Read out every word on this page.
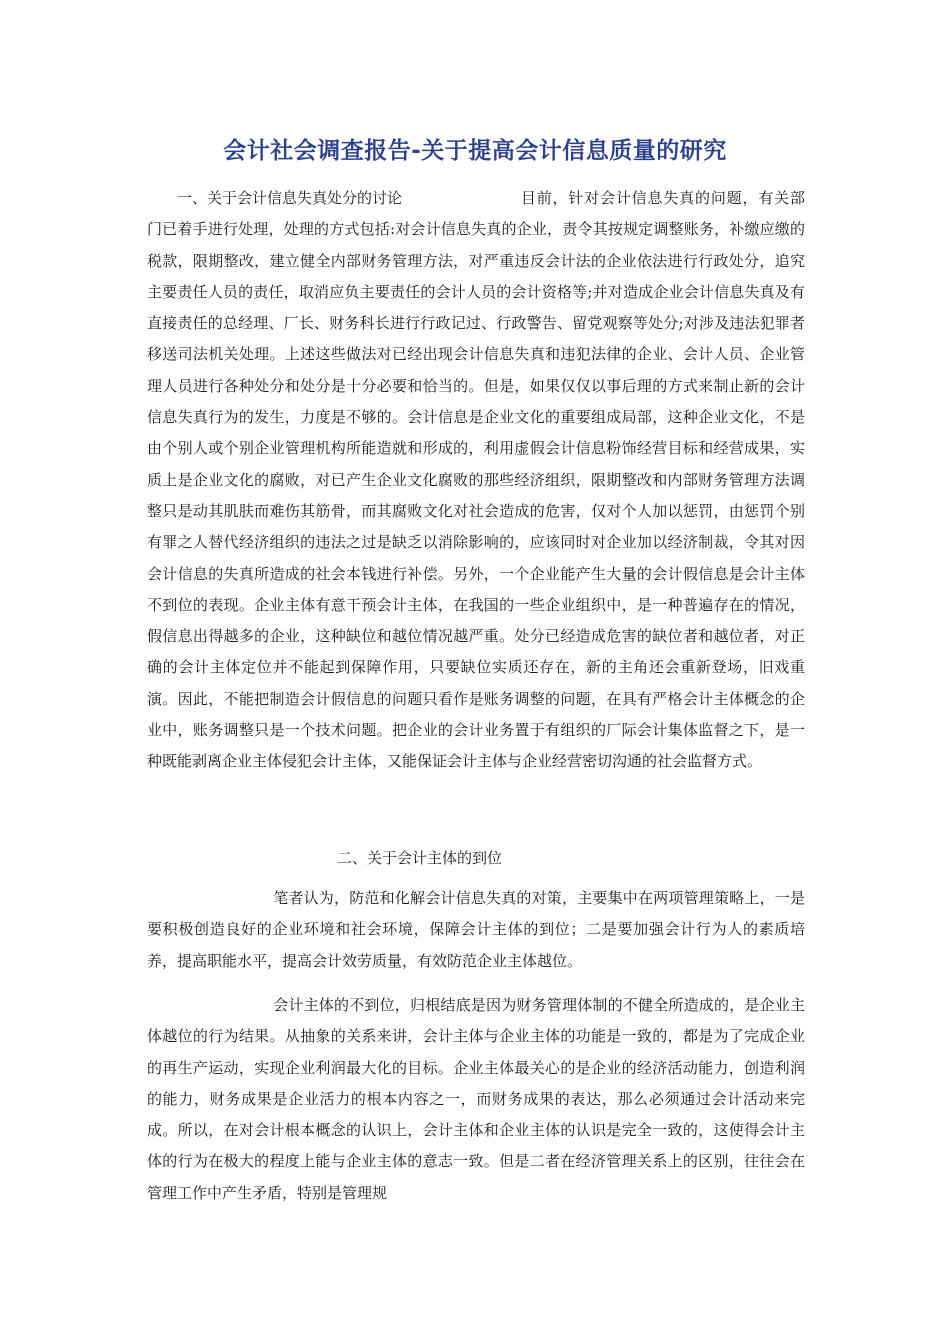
会计社会调查报告-关于提高会计信息质量的研究
一、关于会计信息失真处分的讨论	目前，针对会计信息失真的问题，有关部门已着手进行处理，处理的方式包括:对会计信息失真的企业，责令其按规定调整账务，补缴应缴的税款，限期整改，建立健全内部财务管理方法，对严重违反会计法的企业依法进行行政处分，追究主要责任人员的责任，取消应负主要责任的会计人员的会计资格等;并对造成企业会计信息失真及有直接责任的总经理、厂长、财务科长进行行政记过、行政警告、留党观察等处分;对涉及违法犯罪者移送司法机关处理。上述这些做法对已经出现会计信息失真和违犯法律的企业、会计人员、企业管理人员进行各种处分和处分是十分必要和恰当的。但是，如果仅仅以事后理的方式来制止新的会计信息失真行为的发生，力度是不够的。会计信息是企业文化的重要组成局部，这种企业文化，不是由个别人或个别企业管理机构所能造就和形成的，利用虚假会计信息粉饰经营目标和经营成果，实质上是企业文化的腐败，对已产生企业文化腐败的那些经济组织，限期整改和内部财务管理方法调整只是动其肌肤而难伤其筋骨，而其腐败文化对社会造成的危害，仅对个人加以惩罚，由惩罚个别有罪之人替代经济组织的违法之过是缺乏以消除影响的，应该同时对企业加以经济制裁，令其对因会计信息的失真所造成的社会本钱进行补偿。另外，一个企业能产生大量的会计假信息是会计主体不到位的表现。企业主体有意干预会计主体，在我国的一些企业组织中，是一种普遍存在的情况，假信息出得越多的企业，这种缺位和越位情况越严重。处分已经造成危害的缺位者和越位者，对正确的会计主体定位并不能起到保障作用，只要缺位实质还存在，新的主角还会重新登场，旧戏重演。因此，不能把制造会计假信息的问题只看作是账务调整的问题，在具有严格会计主体概念的企业中，账务调整只是一个技术问题。把企业的会计业务置于有组织的厂际会计集体监督之下，是一种既能剥离企业主体侵犯会计主体，又能保证会计主体与企业经营密切沟通的社会监督方式。
二、关于会计主体的到位
笔者认为，防范和化解会计信息失真的对策，主要集中在两项管理策略上，一是要积极创造良好的企业环境和社会环境，保障会计主体的到位；二是要加强会计行为人的素质培养，提高职能水平，提高会计效劳质量，有效防范企业主体越位。
会计主体的不到位，归根结底是因为财务管理体制的不健全所造成的，是企业主体越位的行为结果。从抽象的关系来讲，会计主体与企业主体的功能是一致的，都是为了完成企业的再生产运动，实现企业利润最大化的目标。企业主体最关心的是企业的经济活动能力，创造利润的能力，财务成果是企业活力的根本内容之一，而财务成果的表达，那么必须通过会计活动来完成。所以，在对会计根本概念的认识上，会计主体和企业主体的认识是完全一致的，这使得会计主体的行为在极大的程度上能与企业主体的意志一致。但是二者在经济管理关系上的区别，往往会在管理工作中产生矛盾，特别是管理规
